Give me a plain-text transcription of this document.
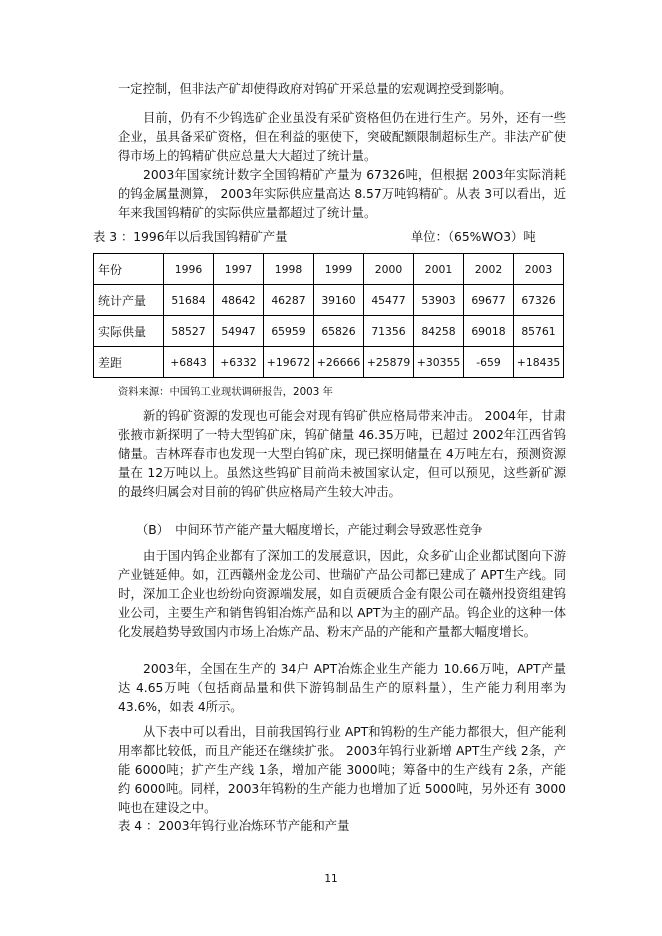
一定控制，但非法产矿却使得政府对钨矿开采总量的宏观调控受到影响。

目前，仍有不少钨选矿企业虽没有采矿资格但仍在进行生产。另外，还有一些企业，虽具备采矿资格，但在利益的驱使下，突破配额限制超标生产。非法产矿使得市场上的钨精矿供应总量大大超过了统计量。

2003年国家统计数字全国钨精矿产量为 67326吨，但根据 2003年实际消耗的钨金属量测算， 2003年实际供应量高达 8.57万吨钨精矿。从表 3可以看出，近年来我国钨精矿的实际供应量都超过了统计量。

表 3 ：1996年以后我国钨精矿产量	单位：（65%WO3）吨

年份	1996	1997	1998	1999	2000	2001	2002	2003
统计产量	51684	48642	46287	39160	45477	53903	69677	67326
实际供量	58527	54947	65959	65826	71356	84258	69018	85761
差距	+6843	+6332	+19672	+26666	+25879	+30355	-659	+18435

资料来源：中国钨工业现状调研报告，2003 年

新的钨矿资源的发现也可能会对现有钨矿供应格局带来冲击。 2004年，甘肃张掖市新探明了一特大型钨矿床，钨矿储量 46.35万吨，已超过 2002年江西省钨储量。吉林珲春市也发现一大型白钨矿床，现已探明储量在 4万吨左右，预测资源量在 12万吨以上。虽然这些钨矿目前尚未被国家认定，但可以预见，这些新矿源的最终归属会对目前的钨矿供应格局产生较大冲击。

（B）　中间环节产能产量大幅度增长，产能过剩会导致恶性竞争

由于国内钨企业都有了深加工的发展意识，因此，众多矿山企业都试图向下游产业链延伸。如，江西赣州金龙公司、世瑞矿产品公司都已建成了 APT生产线。同时，深加工企业也纷纷向资源端发展，如自贡硬质合金有限公司在赣州投资组建钨业公司，主要生产和销售钨钼冶炼产品和以 APT为主的副产品。钨企业的这种一体化发展趋势导致国内市场上冶炼产品、粉末产品的产能和产量都大幅度增长。

2003年，全国在生产的 34户 APT冶炼企业生产能力 10.66万吨，APT产量达 4.65万吨（包括商品量和供下游钨制品生产的原料量），生产能力利用率为 43.6%，如表 4所示。

从下表中可以看出，目前我国钨行业 APT和钨粉的生产能力都很大，但产能利用率都比较低，而且产能还在继续扩张。 2003年钨行业新增 APT生产线 2条，产能 6000吨；扩产生产线 1条，增加产能 3000吨；筹备中的生产线有 2条，产能约 6000吨。同样，2003年钨粉的生产能力也增加了近 5000吨，另外还有 3000吨也在建设之中。

表 4 ：2003年钨行业冶炼环节产能和产量

11
